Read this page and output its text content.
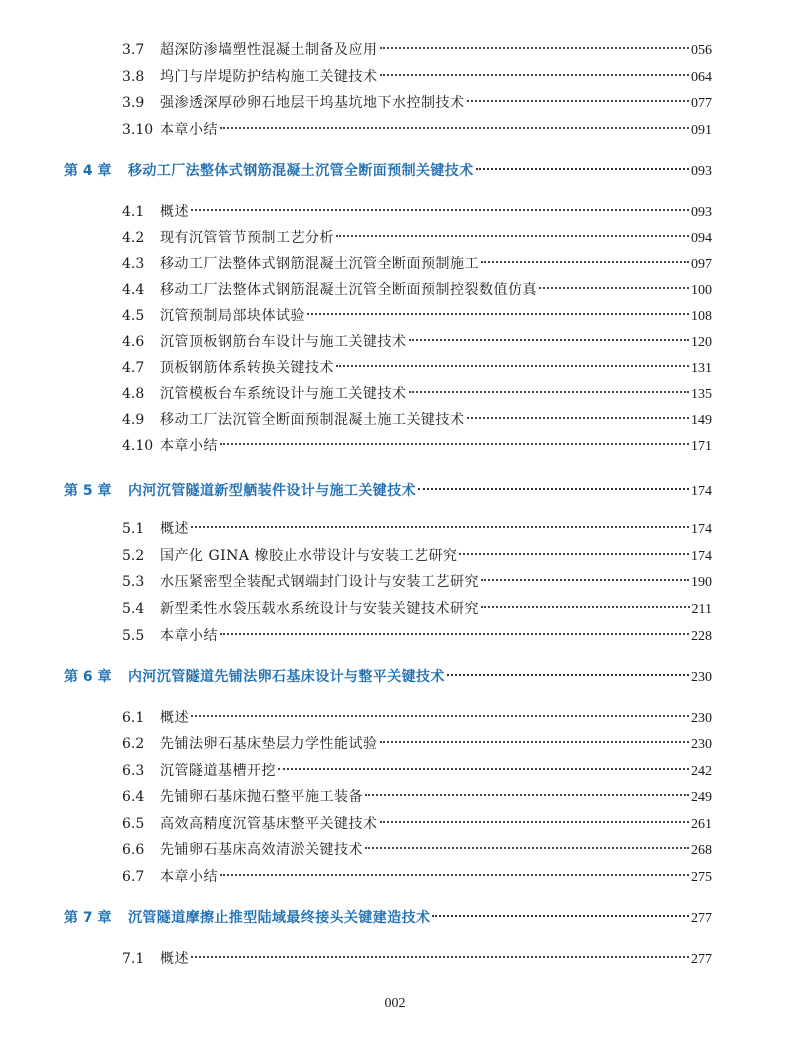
3.7	超深防渗墙塑性混凝土制备及应用	056
3.8	坞门与岸堤防护结构施工关键技术	064
3.9	强渗透深厚砂卵石地层干坞基坑地下水控制技术	077
3.10 本章小结	091
第 4 章	移动工厂法整体式钢筋混凝土沉管全断面预制关键技术	093
4.1	概述	093
4.2	现有沉管管节预制工艺分析	094
4.3	移动工厂法整体式钢筋混凝土沉管全断面预制施工	097
4.4	移动工厂法整体式钢筋混凝土沉管全断面预制控裂数值仿真	100
4.5	沉管预制局部块体试验	108
4.6	沉管顶板钢筋台车设计与施工关键技术	120
4.7	顶板钢筋体系转换关键技术	131
4.8	沉管模板台车系统设计与施工关键技术	135
4.9	移动工厂法沉管全断面预制混凝土施工关键技术	149
4.10 本章小结	171
第 5 章	内河沉管隧道新型舾装件设计与施工关键技术	174
5.1	概述	174
5.2	国产化 GINA 橡胶止水带设计与安装工艺研究	174
5.3	水压紧密型全装配式钢端封门设计与安装工艺研究	190
5.4	新型柔性水袋压载水系统设计与安装关键技术研究	211
5.5	本章小结	228
第 6 章	内河沉管隧道先铺法卵石基床设计与整平关键技术	230
6.1	概述	230
6.2	先铺法卵石基床垫层力学性能试验	230
6.3	沉管隧道基槽开挖	242
6.4	先铺卵石基床抛石整平施工装备	249
6.5	高效高精度沉管基床整平关键技术	261
6.6	先铺卵石基床高效清淤关键技术	268
6.7	本章小结	275
第 7 章	沉管隧道摩擦止推型陆域最终接头关键建造技术	277
7.1	概述	277
002
